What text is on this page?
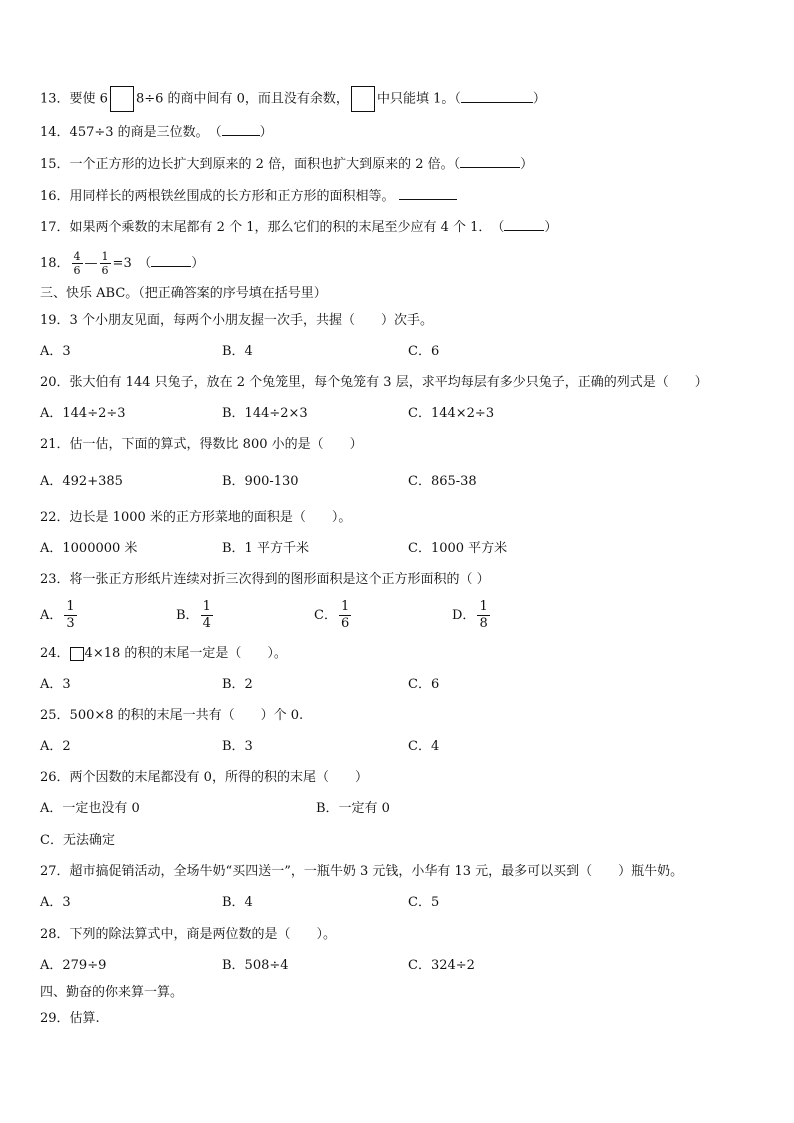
13．要使 6 8÷6 的商中间有 0，而且没有余数， 中只能填 1。（	）
14．457÷3 的商是三位数。　（	）
15．一个正方形的边长扩大到原来的 2 倍，面积也扩大到原来的 2 倍。（	）
16．用同样长的两根铁丝围成的长方形和正方形的面积相等。
17．如果两个乘数的末尾都有 2 个 1，那么它们的积的末尾至少应有 4 个 1．　（	）
18． $\frac{4}{6}$ — $\frac{1}{6} =3$　（	）
三、快乐 ABC。（把正确答案的序号填在括号里）
19．3 个小朋友见面，每两个小朋友握一次手，共握（　　）次手。
A．3	B．4	C．6
20．张大伯有 144 只兔子，放在 2 个兔笼里，每个兔笼有 3 层，求平均每层有多少只兔子，正确的列式是（　　）
A．144÷2÷3	B．144÷2×3	C．144×2÷3
21．估一估，下面的算式，得数比 800 小的是（　　）
A．492+385	B．900-130	C．865-38
22．边长是 1000 米的正方形菜地的面积是（　　）。
A．1000000 米	B．1 平方千米	C．1000 平方米
23．将一张正方形纸片连续对折三次得到的图形面积是这个正方形面积的（ ）
A． $\frac{1}{3}$	B． $\frac{1}{4}$	C． $\frac{1}{6}$	D． $\frac{1}{8}$
24． 4×18 的积的末尾一定是（　　）。
A．3	B．2	C．6
25．500×8 的积的末尾一共有（　　）个 0.
A．2	B．3	C．4
26．两个因数的末尾都没有 0，所得的积的末尾（　　）
A．一定也没有 0	B．一定有 0
C．无法确定
27．超市搞促销活动，全场牛奶“买四送一”，一瓶牛奶 3 元钱，小华有 13 元，最多可以买到（　　）瓶牛奶。
A．3	B．4	C．5
28．下列的除法算式中，商是两位数的是（　　）。
A．279÷9	B．508÷4	C．324÷2
四、勤奋的你来算一算。
29．估算.
